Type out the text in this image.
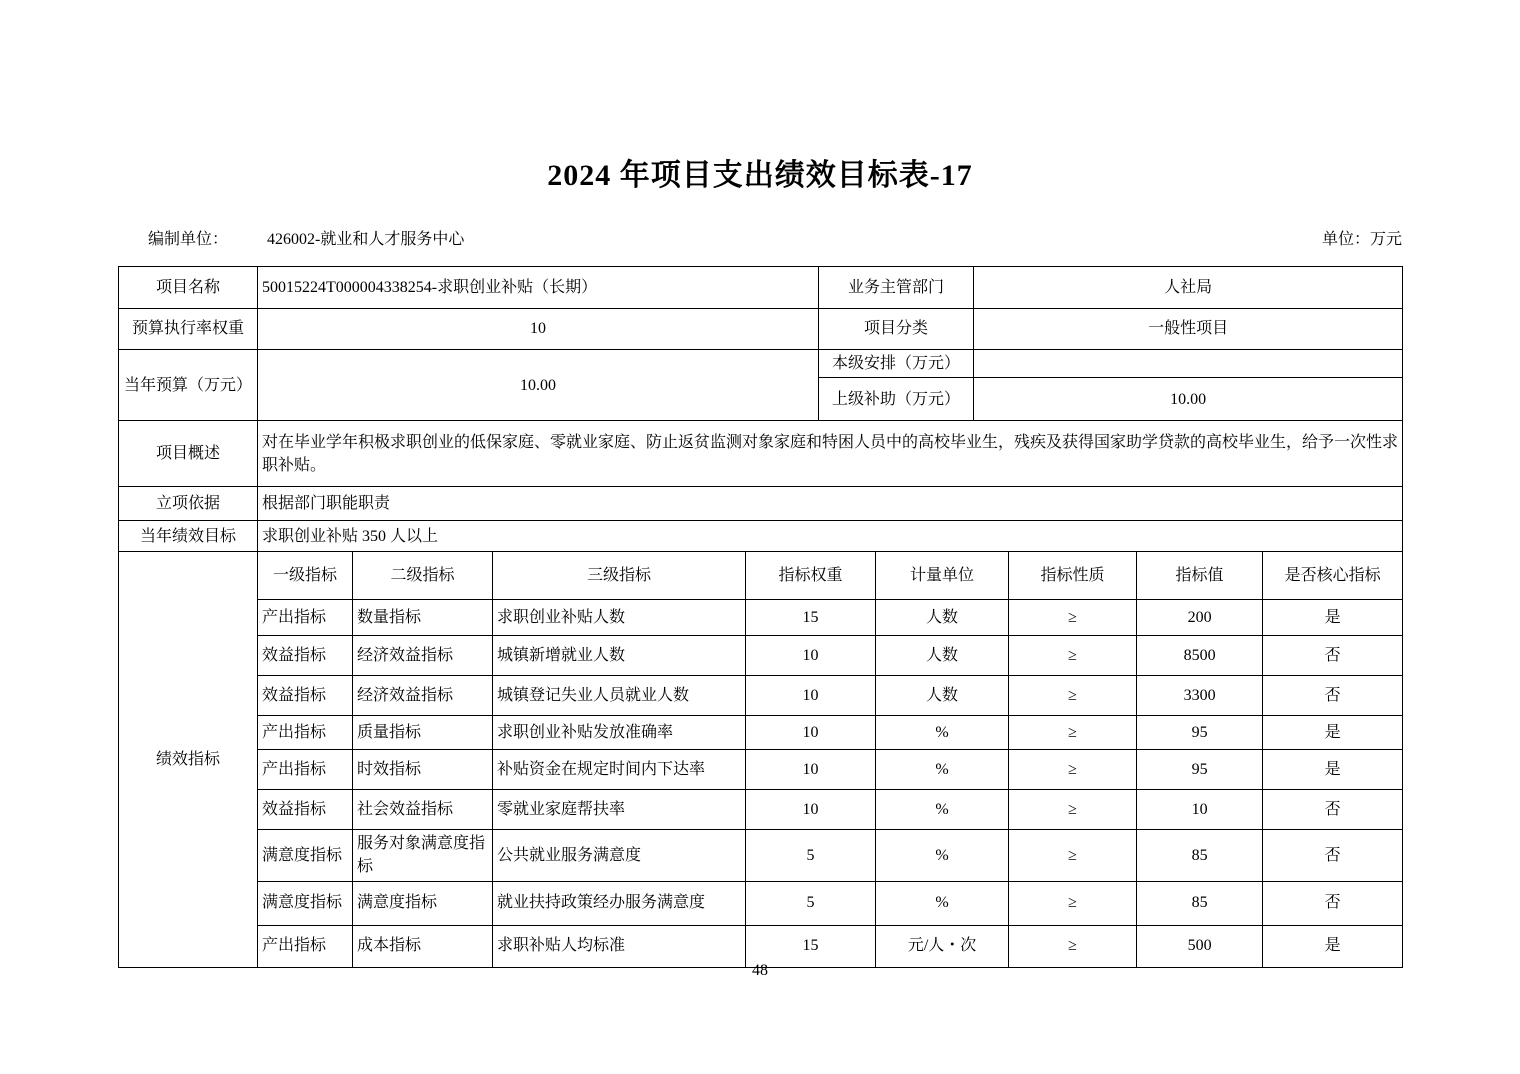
2024 年项目支出绩效目标表-17
编制单位： 426002-就业和人才服务中心	单位：万元
项目名称	50015224T000004338254-求职创业补贴（长期）				业务主管部门		人社局			
预算执行率权重	10				项目分类		一般性项目			
当年预算（万元）	10.00				本级安排（万元）					
					上级补助（万元）		10.00			
项目概述	对在毕业学年积极求职创业的低保家庭、零就业家庭、防止返贫监测对象家庭和特困人员中的高校毕业生，残疾及获得国家助学贷款的高校毕业生，给予一次性求职补贴。									
立项依据	根据部门职能职责									
当年绩效目标	求职创业补贴 350 人以上									
绩效指标	一级指标	二级指标	三级指标	指标权重		计量单位		指标性质	指标值	是否核心指标
	产出指标	数量指标	求职创业补贴人数	15		人数		≥	200	是
	效益指标	经济效益指标	城镇新增就业人数	10		人数		≥	8500	否
	效益指标	经济效益指标	城镇登记失业人员就业人数	10		人数		≥	3300	否
	产出指标	质量指标	求职创业补贴发放准确率	10		%		≥	95	是
	产出指标	时效指标	补贴资金在规定时间内下达率	10		%		≥	95	是
	效益指标	社会效益指标	零就业家庭帮扶率	10		%		≥	10	否
	满意度指标	服务对象满意度指标	公共就业服务满意度	5		%		≥	85	否
	满意度指标	满意度指标	就业扶持政策经办服务满意度	5		%		≥	85	否
	产出指标	成本指标	求职补贴人均标准	15		元/人・次		≥	500	是
48
